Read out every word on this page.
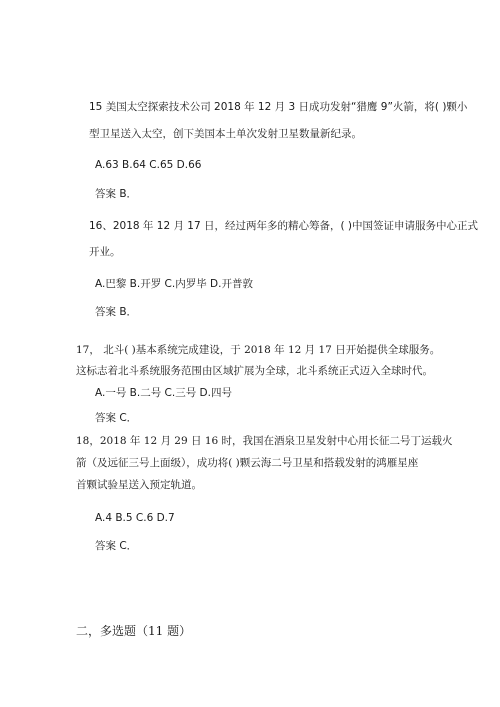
15 美国太空探索技术公司 2018 年 12 月 3 日成功发射“猎鹰 9”火箭，将( )颗小
型卫星送入太空，创下美国本土单次发射卫星数量新纪录。
A.63 B.64 C.65 D.66
答案 B．
16、2018 年 12 月 17 日，经过两年多的精心筹备，( )中国签证申请服务中心正式
开业。
A.巴黎 B.开罗 C.内罗毕 D.开普敦
答案 B．
17， 北斗( )基本系统完成建设，于 2018 年 12 月 17 日开始提供全球服务。
这标志着北斗系统服务范围由区域扩展为全球，北斗系统正式迈入全球时代。
A.一号 B.二号 C.三号 D.四号
答案 C．
18，2018 年 12 月 29 日 16 时，我国在酒泉卫星发射中心用长征二号丁运载火
箭（及远征三号上面级），成功将( )颗云海二号卫星和搭载发射的鸿雁星座
首颗试验星送入预定轨道。
A.4 B.5 C.6 D.7
答案 C．
二，多选题（11 题）
